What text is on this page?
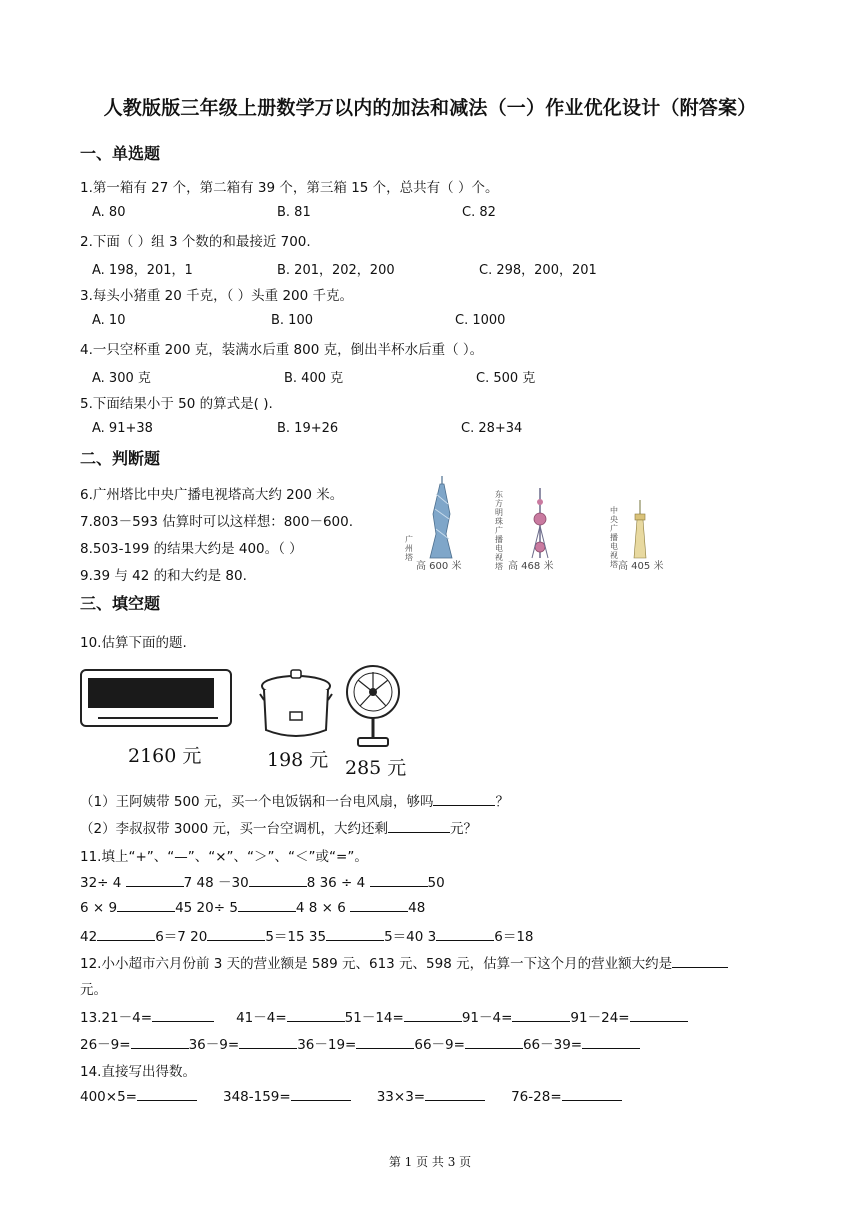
人教版版三年级上册数学万以内的加法和减法（一）作业优化设计（附答案）
一、单选题
1.第一箱有 27 个，第二箱有 39 个，第三箱 15 个，总共有（ ）个。
A. 80	B. 81	C. 82
2.下面（ ）组 3 个数的和最接近 700.
A. 198，201，1	B. 201，202，200	C. 298，200，201
3.每头小猪重 20 千克，（ ）头重 200 千克。
A. 10	B. 100	C. 1000
4.一只空杯重 200 克，装满水后重 800 克，倒出半杯水后重（ ）。
A. 300 克	B. 400 克	C. 500 克
5.下面结果小于 50 的算式是( ).
A. 91+38	B. 19+26	C. 28+34
二、判断题
6.广州塔比中央广播电视塔高大约 200 米。
7.803－593 估算时可以这样想：800－600.
8.503-199 的结果大约是 400。（ ）
9.39 与 42 的和大约是 80.
广州塔
东方明珠广播电视塔
中央广播电视塔
高 600 米	高 468 米	高 405 米
三、填空题
10.估算下面的题.
2160 元	198 元 285 元
（1）王阿姨带 500 元，买一个电饭锅和一台电风扇，够吗	？
（2）李叔叔带 3000 元，买一台空调机，大约还剩	元？
11.填上“+”、“—”、“×”、“＞”、“＜”或“=”。
32÷ 4	7 48 －30	8 36 ÷ 4	50
6 × 9	45 20÷ 5	4 8 × 6	48
42	6＝7 20	5＝15 35	5＝40 3	6＝18
12.小小超市六月份前 3 天的营业额是 589 元、613 元、598 元，估算一下这个月的营业额大约是
元。
13.21－4=	41－4=	51－14=	91－4=	91－24=
26－9=	36－9=	36－19=	66－9=	66－39=
14.直接写出得数。
400×5=	348-159=	33×3=	76-28=
第 1 页 共 3 页
